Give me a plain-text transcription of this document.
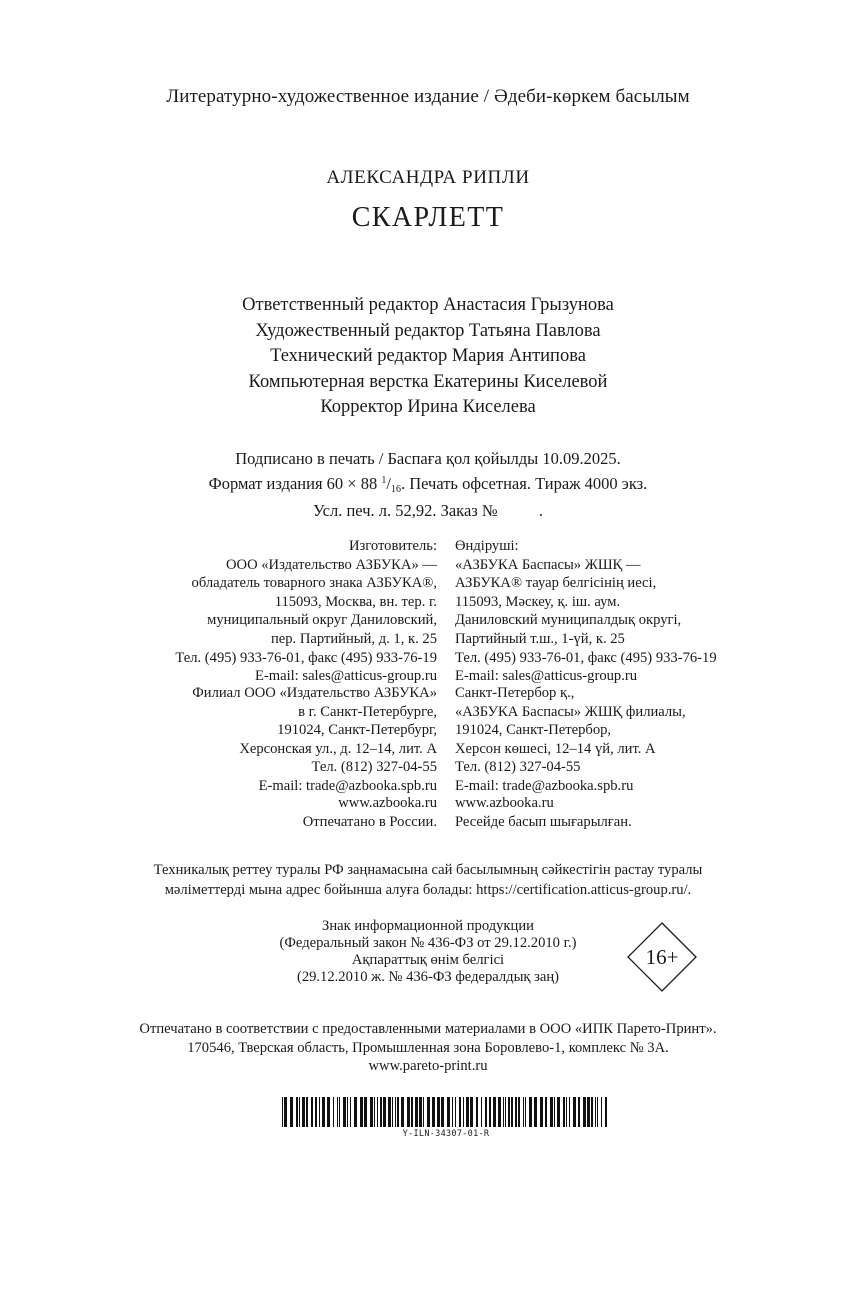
Литературно-художественное издание / Әдеби-көркем басылым
АЛЕКСАНДРА РИПЛИ
СКАРЛЕТТ
Ответственный редактор Анастасия Грызунова
Художественный редактор Татьяна Павлова
Технический редактор Мария Антипова
Компьютерная верстка Екатерины Киселевой
Корректор Ирина Киселева
Подписано в печать / Баспаға қол қойылды 10.09.2025.
Формат издания 60 × 88 $^1/_{16}$. Печать офсетная. Тираж 4000 экз.
Усл. печ. л. 52,92. Заказ №          .
Изготовитель:
ООО «Издательство АЗБУКА» —
обладатель товарного знака АЗБУКА®,
115093, Москва, вн. тер. г.
муниципальный округ Даниловский,
пер. Партийный, д. 1, к. 25
Тел. (495) 933-76-01, факс (495) 933-76-19
E-mail: sales@atticus-group.ru
Өндіруші:
«АЗБУКА Баспасы» ЖШҚ —
АЗБУКА® тауар белгісінің иесі,
115093, Мәскеу, қ. іш. аум.
Даниловский муниципалдық округі,
Партийный т.ш., 1-үй, к. 25
Тел. (495) 933-76-01, факс (495) 933-76-19
E-mail: sales@atticus-group.ru
Филиал ООО «Издательство АЗБУКА»
в г. Санкт-Петербурге,
191024, Санкт-Петербург,
Херсонская ул., д. 12–14, лит. А
Тел. (812) 327-04-55
E-mail: trade@azbooka.spb.ru
Санкт-Петербор қ.,
«АЗБУКА Баспасы» ЖШҚ филиалы,
191024, Санкт-Петербор,
Херсон көшесі, 12–14 үй, лит. А
Тел. (812) 327-04-55
E-mail: trade@azbooka.spb.ru
www.azbooka.ru
Отпечатано в России.
www.azbooka.ru
Ресейде басып шығарылған.
Техникалық реттеу туралы РФ заңнамасына сай басылымның сәйкестігін растау туралы
мәліметтерді мына адрес бойынша алуға болады: https://certification.atticus-group.ru/.
Знак информационной продукции
(Федеральный закон № 436-ФЗ от 29.12.2010 г.)
Ақпараттық өнім белгісі
(29.12.2010 ж. № 436-ФЗ федералдық заң)
16+
Отпечатано в соответствии с предоставленными материалами в ООО «ИПК Парето-Принт».
170546, Тверская область, Промышленная зона Боровлево-1, комплекс № 3А.
www.pareto-print.ru
Y-ILN-34307-01-R
